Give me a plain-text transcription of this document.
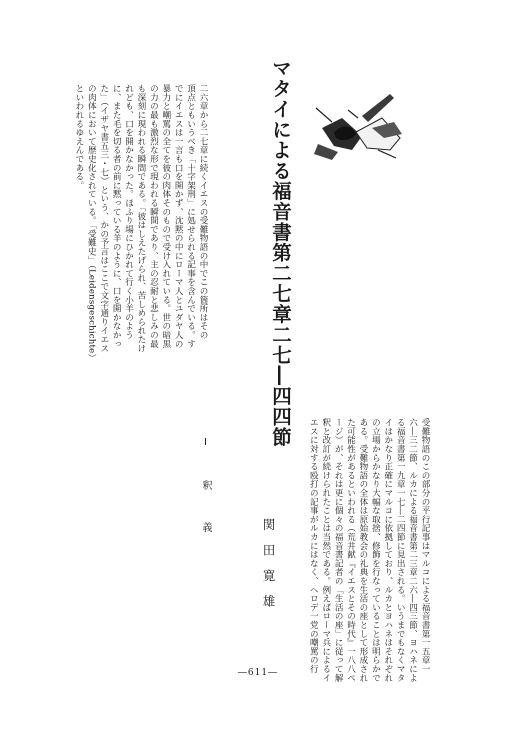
マタイによる福音書第二七章二七―四四節

二六章から二七章に続くイエスの受難物語の中でこの箇所はその

頂点ともいうべき「十字架刑」に処せられる記事を含んでいる。す

でにイエスは一言も口を開かず、沈黙の中にローマ人とユダヤ人の

暴力と嘲罵の全てを彼の肉体そのもので受け入れている。世の暗黒

の力の最も激烈な形で現われる瞬間であり、主の忍耐と悲しみの最

も深刻に現われる瞬間である。「彼はしえたげられ、苦しめられたけ

れども、口を開かなかった。ほふり場にひかれて行く小羊のよう

に、また毛を切る者の前に黙っている羊のように、口を開かなかっ

た」（イザヤ書五三・七）という、かの予言はここで文字通りイエス

の肉体において歴史化されている。「受難史」（Leidensgeschichte）

といわれるゆえんである。

関田寛雄
Ⅰ　釈　義	受難物語のこの部分の平行記事はマルコによる福音書第一五章一

六―三二節、ルカによる福音書第二三章二六―四三節、ヨハネによ

る福音書第一九章一七―二四節に見出される。いうまでもなくマタ

イはかなり正確にマルコに依拠しており、ルカとヨハネはそれぞれ

の立場からかなり大幅な取捨、修飾を行なっていることは明らかで

ある。受難物語の全体は原始教会の礼典を生活の座として形成され

た可能性があるといわれる（荒井献『イエスとその時代』一八八ペ

ージ）が、それは更に個々の福音書記者の「生活の座」に従って解

釈と改訂が続けられたことは当然である。例えばローマ兵によるイ

エスに対する殴打の記事がルカにはなく、ヘロデ一党の嘲罵の行

―611―
